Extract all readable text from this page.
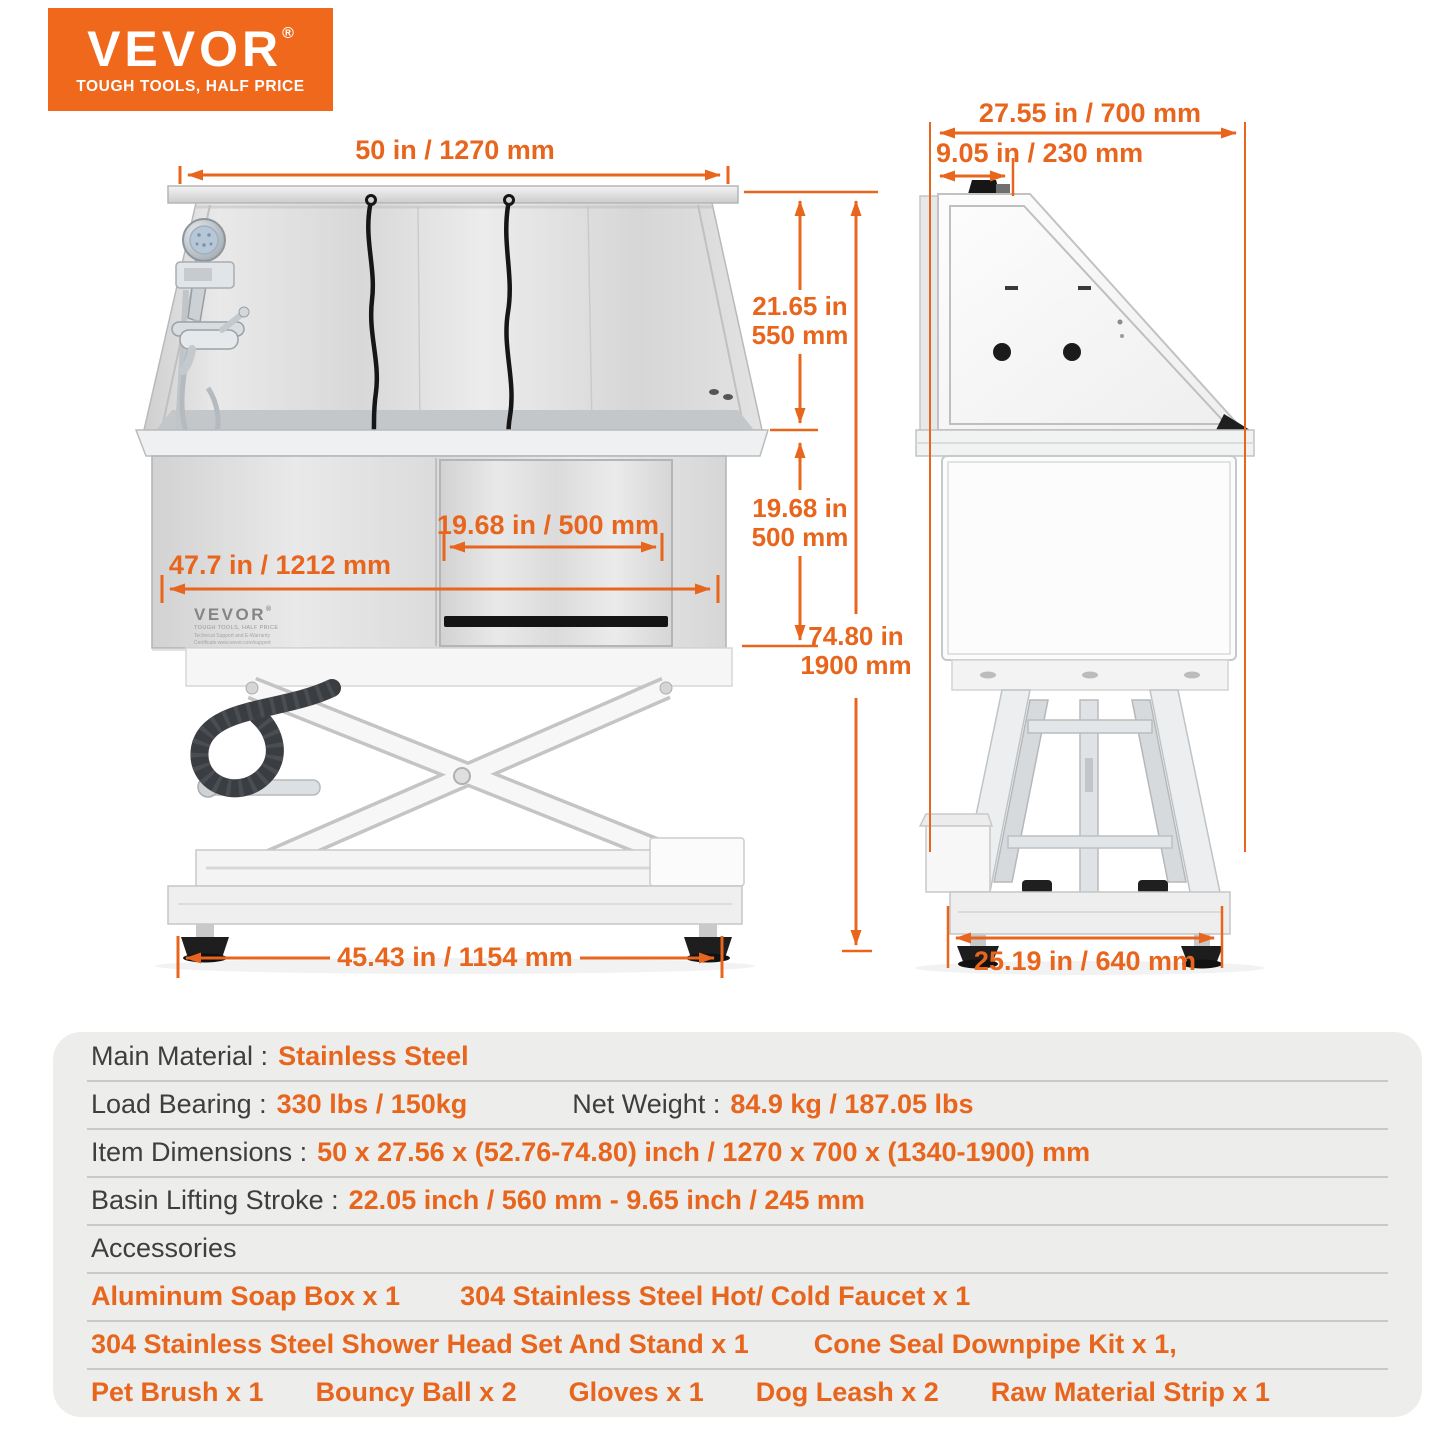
VEVOR®
TOUGH TOOLS, HALF PRICE
50 in / 1270 mm
21.65 in
550 mm
19.68 in / 500 mm
19.68 in
500 mm
47.7 in / 1212 mm
74.80 in
1900 mm
45.43 in / 1154 mm
27.55 in / 700 mm
9.05 in / 230 mm
25.19 in / 640 mm
VEVOR®
TOUGH TOOLS, HALF PRICE
Technical Support and E-Warranty
Certificate www.vevor.com/support
Main Material : Stainless Steel
Load Bearing : 330 lbs / 150kg	Net Weight : 84.9 kg / 187.05 lbs
Item Dimensions : 50 x 27.56 x (52.76-74.80) inch / 1270 x 700 x (1340-1900) mm
Basin Lifting Stroke : 22.05 inch / 560 mm - 9.65 inch / 245 mm
Accessories
Aluminum Soap Box x 1 304 Stainless Steel Hot/ Cold Faucet x 1
304 Stainless Steel Shower Head Set And Stand x 1 Cone Seal Downpipe Kit x 1,
Pet Brush x 1 Bouncy Ball x 2 Gloves x 1 Dog Leash x 2 Raw Material Strip x 1
